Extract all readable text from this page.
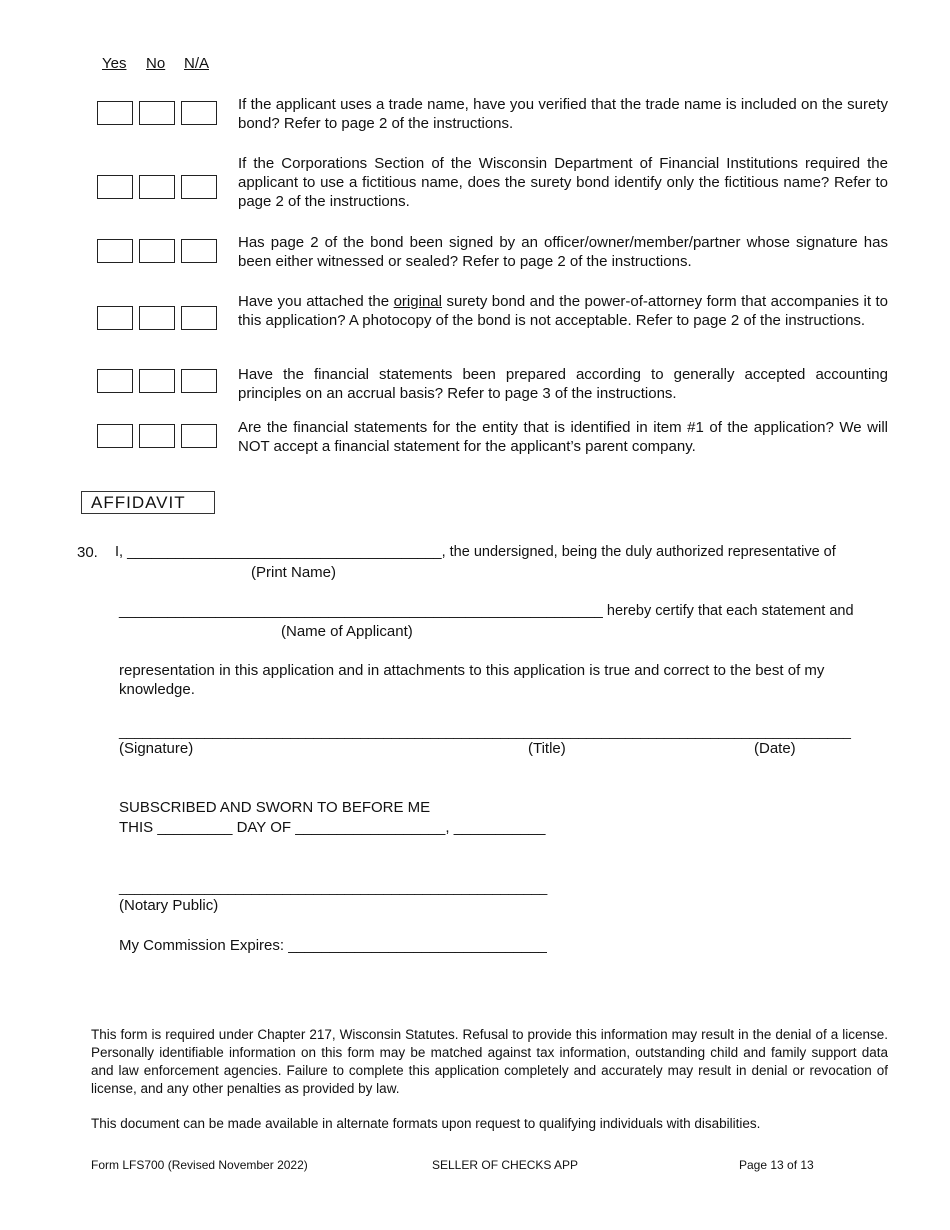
Yes No N/A
If the applicant uses a trade name, have you verified that the trade name is included on the surety bond? Refer to page 2 of the instructions.
If the Corporations Section of the Wisconsin Department of Financial Institutions required the applicant to use a fictitious name, does the surety bond identify only the fictitious name? Refer to page 2 of the instructions.
Has page 2 of the bond been signed by an officer/owner/member/partner whose signature has been either witnessed or sealed? Refer to page 2 of the instructions.
Have you attached the original surety bond and the power-of-attorney form that accompanies it to this application? A photocopy of the bond is not acceptable. Refer to page 2 of the instructions.
Have the financial statements been prepared according to generally accepted accounting principles on an accrual basis? Refer to page 3 of the instructions.
Are the financial statements for the entity that is identified in item #1 of the application? We will NOT accept a financial statement for the applicant’s parent company.
AFFIDAVIT
30. I, _______________________________________, the undersigned, being the duly authorized representative of
(Print Name)
____________________________________________________________ hereby certify that each statement and
(Name of Applicant)
representation in this application and in attachments to this application is true and correct to the best of my knowledge.
______________________________________________________________________________________________
(Signature)	(Title)	(Date)
SUBSCRIBED AND SWORN TO BEFORE ME
THIS _________ DAY OF __________________, ___________
_______________________________________________________
(Notary Public)
My Commission Expires: _______________________________
This form is required under Chapter 217, Wisconsin Statutes. Refusal to provide this information may result in the denial of a license. Personally identifiable information on this form may be matched against tax information, outstanding child and family support data and law enforcement agencies. Failure to complete this application completely and accurately may result in denial or revocation of license, and any other penalties as provided by law.
This document can be made available in alternate formats upon request to qualifying individuals with disabilities.
Form LFS700 (Revised November 2022)	SELLER OF CHECKS APP	Page 13 of 13
